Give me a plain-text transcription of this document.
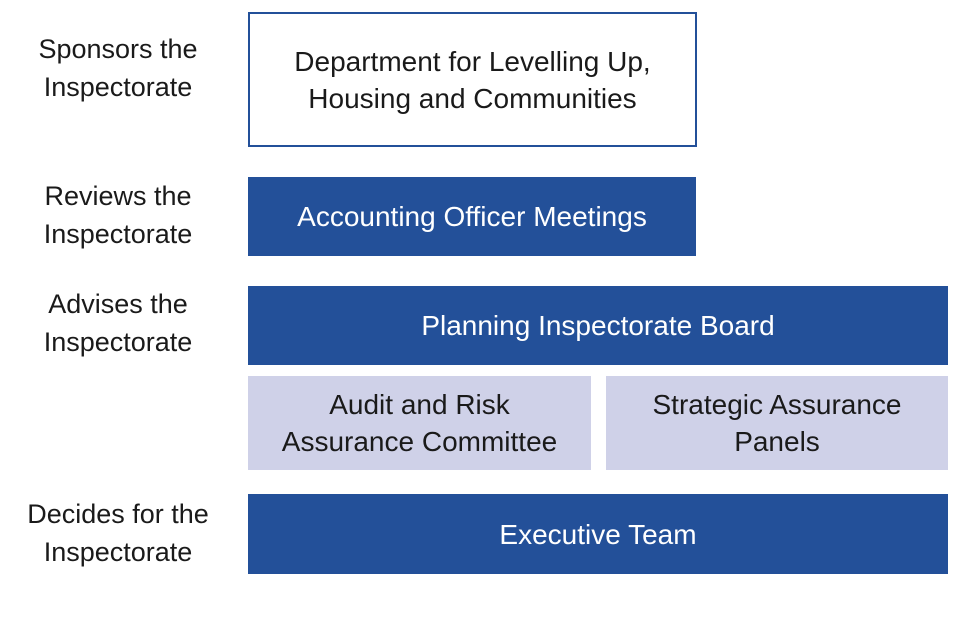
Sponsors the
Inspectorate
Reviews the
Inspectorate
Advises the
Inspectorate
Decides for the
Inspectorate
Department for Levelling Up,
Housing and Communities
Accounting Officer Meetings
Planning Inspectorate Board
Audit and Risk
Assurance Committee
Strategic Assurance
Panels
Executive Team
